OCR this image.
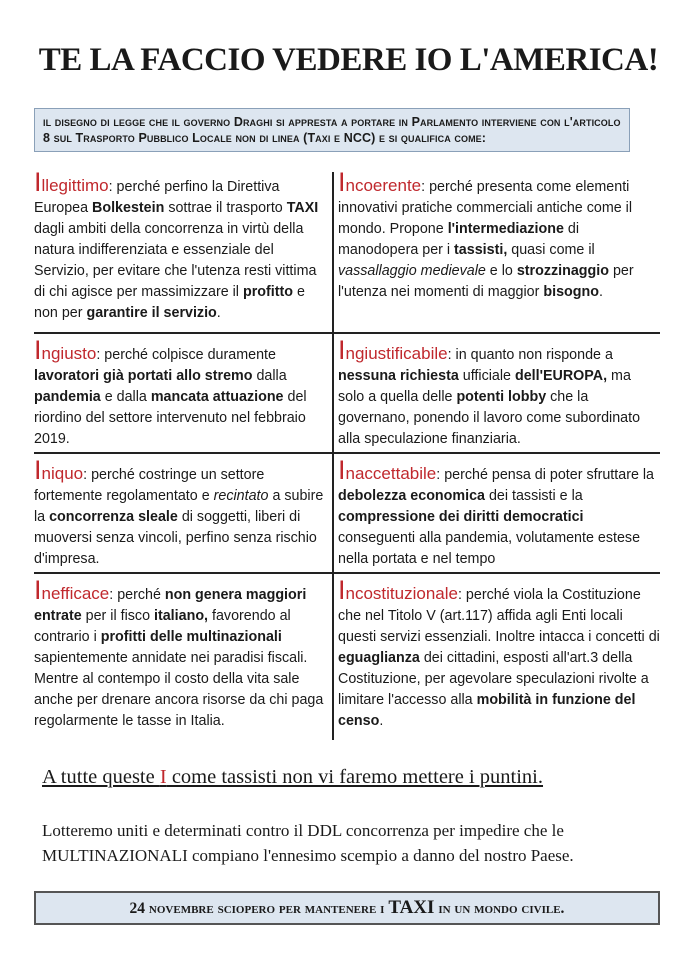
TE LA FACCIO VEDERE IO L'AMERICA!
il disegno di legge che il governo Draghi si appresta a portare in Parlamento interviene con l'articolo 8 sul Trasporto Pubblico Locale non di linea (Taxi e NCC) e si qualifica come:
Illegittimo: perché perfino la Direttiva Europea Bolkestein sottrae il trasporto TAXI dagli ambiti della concorrenza in virtù della natura indifferenziata e essenziale del Servizio, per evitare che l'utenza resti vittima di chi agisce per massimizzare il profitto e non per garantire il servizio.
Incoerente: perché presenta come elementi innovativi pratiche commerciali antiche come il mondo. Propone l'intermediazione di manodopera per i tassisti, quasi come il vassallaggio medievale e lo strozzinaggio per l'utenza nei momenti di maggior bisogno.
Ingiusto: perché colpisce duramente lavoratori già portati allo stremo dalla pandemia e dalla mancata attuazione del riordino del settore intervenuto nel febbraio 2019.
Ingiustificabile: in quanto non risponde a nessuna richiesta ufficiale dell'EUROPA, ma solo a quella delle potenti lobby che la governano, ponendo il lavoro come subordinato alla speculazione finanziaria.
Iniquo: perché costringe un settore fortemente regolamentato e recintato a subire la concorrenza sleale di soggetti, liberi di muoversi senza vincoli, perfino senza rischio d'impresa.
Inaccettabile: perché pensa di poter sfruttare la debolezza economica dei tassisti e la compressione dei diritti democratici conseguenti alla pandemia, volutamente estese nella portata e nel tempo
Inefficace: perché non genera maggiori entrate per il fisco italiano, favorendo al contrario i profitti delle multinazionali sapientemente annidate nei paradisi fiscali. Mentre al contempo il costo della vita sale anche per drenare ancora risorse da chi paga regolarmente le tasse in Italia.
Incostituzionale: perché viola la Costituzione che nel Titolo V (art.117) affida agli Enti locali questi servizi essenziali. Inoltre intacca i concetti di eguaglianza dei cittadini, esposti all'art.3 della Costituzione, per agevolare speculazioni rivolte a limitare l'accesso alla mobilità in funzione del censo.
A tutte queste I come tassisti non vi faremo mettere i puntini.
Lotteremo uniti e determinati contro il DDL concorrenza per impedire che le MULTINAZIONALI compiano l'ennesimo scempio a danno del nostro Paese.
24 novembre sciopero per mantenere i TAXI in un mondo civile.
